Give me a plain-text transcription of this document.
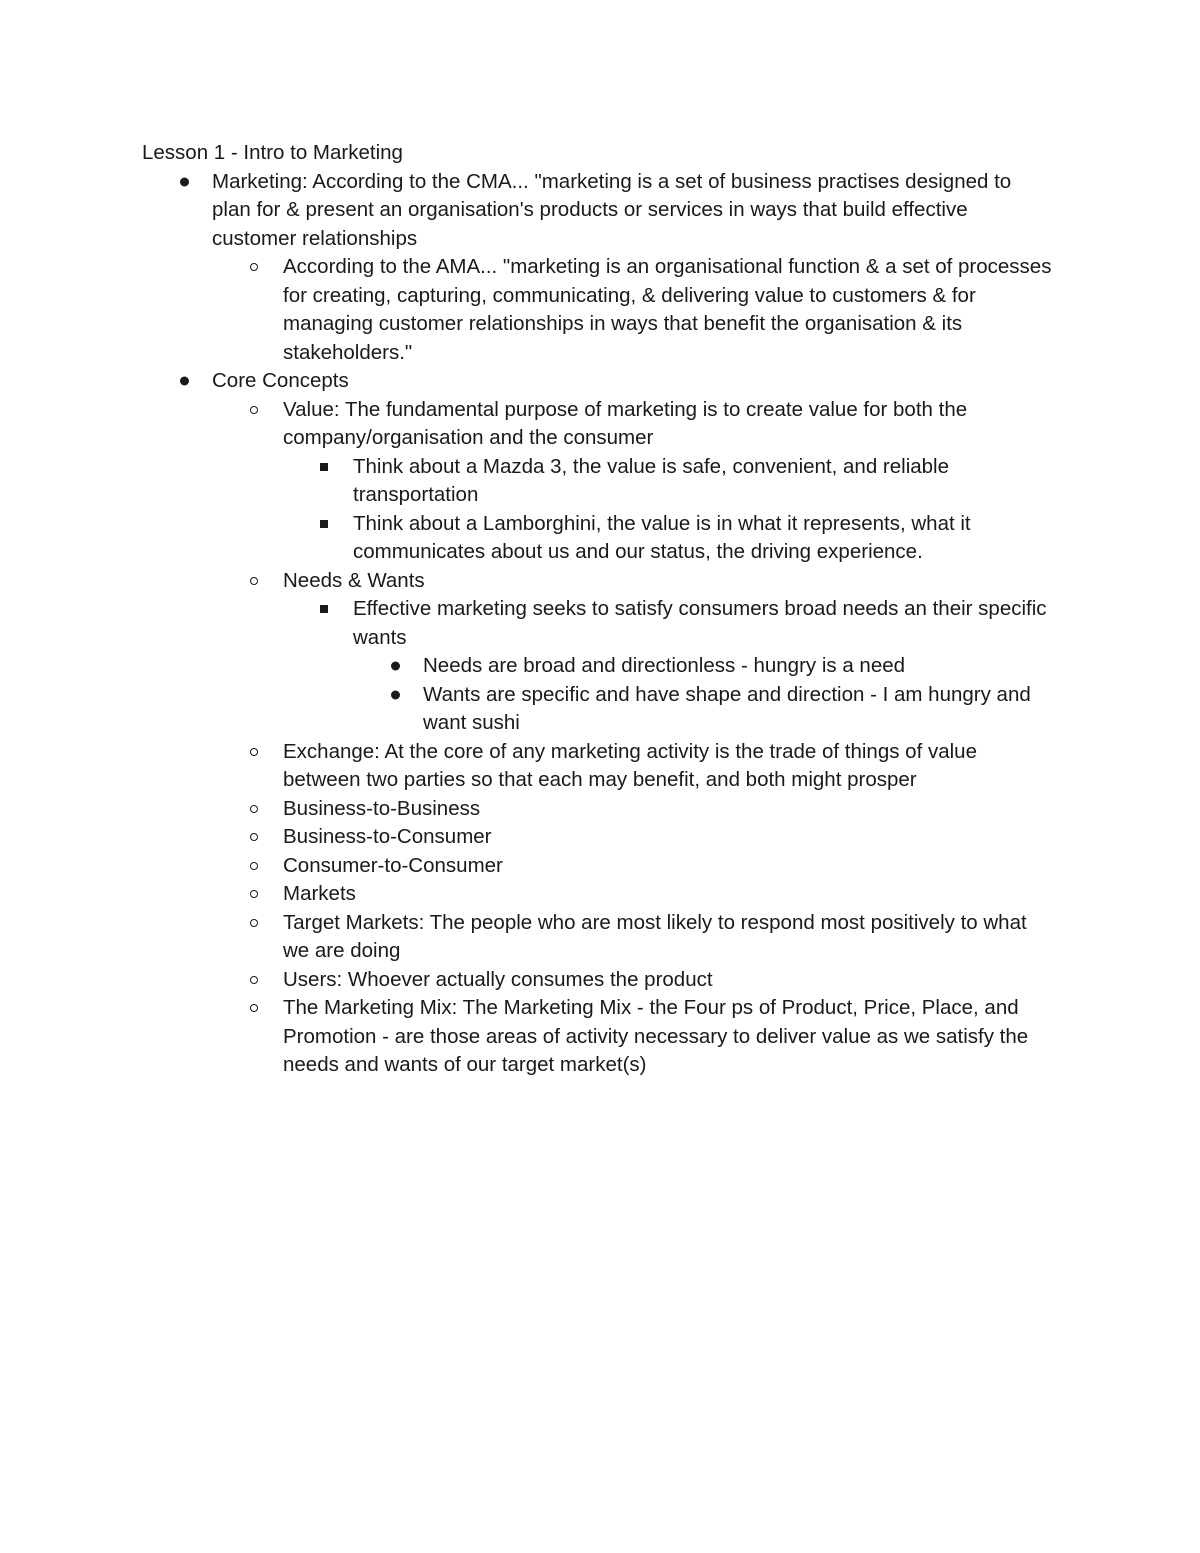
Lesson 1 - Intro to Marketing
Marketing: According to the CMA... "marketing is a set of business practises designed to plan for & present an organisation's products or services in ways that build effective customer relationships
According to the AMA... "marketing is an organisational function & a set of processes for creating, capturing, communicating, & delivering value to customers & for managing customer relationships in ways that benefit the organisation & its stakeholders."
Core Concepts
Value: The fundamental purpose of marketing is to create value for both the company/organisation and the consumer
Think about a Mazda 3, the value is safe, convenient, and reliable transportation
Think about a Lamborghini, the value is in what it represents, what it communicates about us and our status, the driving experience.
Needs & Wants
Effective marketing seeks to satisfy consumers broad needs an their specific wants
Needs are broad and directionless - hungry is a need
Wants are specific and have shape and direction - I am hungry and want sushi
Exchange: At the core of any marketing activity is the trade of things of value between two parties so that each may benefit, and both might prosper
Business-to-Business
Business-to-Consumer
Consumer-to-Consumer
Markets
Target Markets: The people who are most likely to respond most positively to what we are doing
Users: Whoever actually consumes the product
The Marketing Mix: The Marketing Mix - the Four ps of Product, Price, Place, and Promotion - are those areas of activity necessary to deliver value as we satisfy the needs and wants of our target market(s)
